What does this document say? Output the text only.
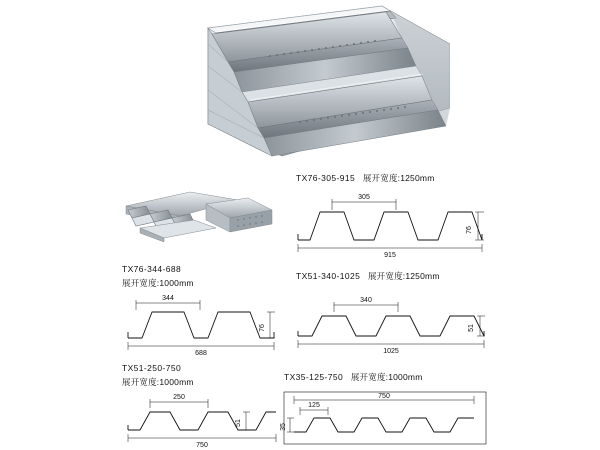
TX76-305-915 展开宽度:1250mm
TX76-344-688
展开宽度:1000mm
TX51-340-1025 展开宽度:1250mm
TX51-250-750
展开宽度:1000mm	TX35-125-750 展开宽度:1000mm
305
76
915
344
76
688
340
51
1025
250
51
750
125
35
750
